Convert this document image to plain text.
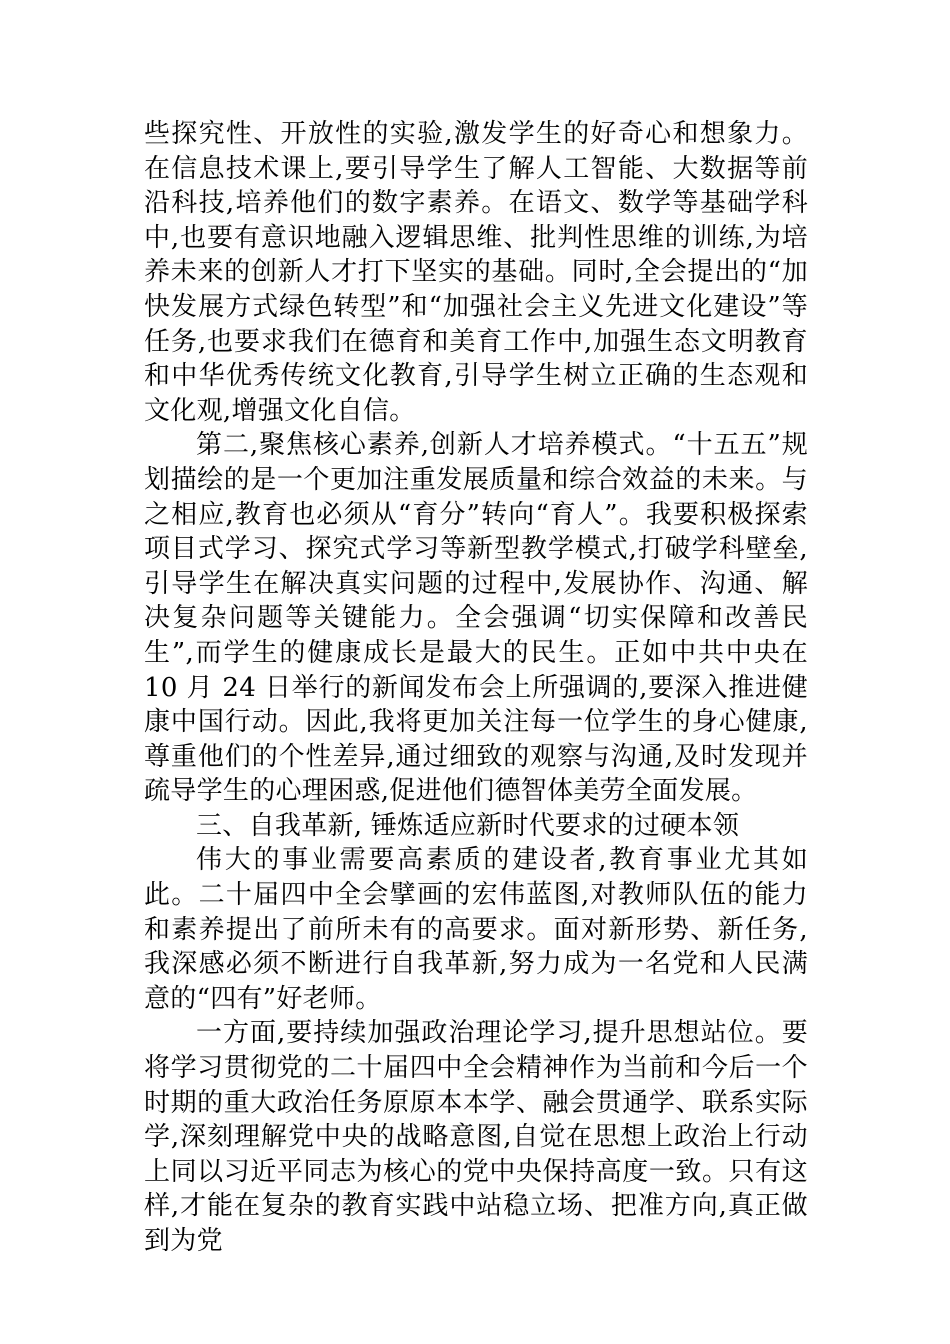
些探究性、开放性的实验,激发学生的好奇心和想象力。在信息技术课上,要引导学生了解人工智能、大数据等前沿科技,培养他们的数字素养。在语文、数学等基础学科中,也要有意识地融入逻辑思维、批判性思维的训练,为培养未来的创新人才打下坚实的基础。同时,全会提出的“加快发展方式绿色转型”和“加强社会主义先进文化建设”等任务,也要求我们在德育和美育工作中,加强生态文明教育和中华优秀传统文化教育,引导学生树立正确的生态观和文化观,增强文化自信。

第二,聚焦核心素养,创新人才培养模式。“十五五”规划描绘的是一个更加注重发展质量和综合效益的未来。与之相应,教育也必须从“育分”转向“育人”。我要积极探索项目式学习、探究式学习等新型教学模式,打破学科壁垒,引导学生在解决真实问题的过程中,发展协作、沟通、解决复杂问题等关键能力。全会强调“切实保障和改善民生”,而学生的健康成长是最大的民生。正如中共中央在 10 月 24 日举行的新闻发布会上所强调的,要深入推进健康中国行动。因此,我将更加关注每一位学生的身心健康,尊重他们的个性差异,通过细致的观察与沟通,及时发现并疏导学生的心理困惑,促进他们德智体美劳全面发展。

三、自我革新, 锤炼适应新时代要求的过硬本领

伟大的事业需要高素质的建设者,教育事业尤其如此。二十届四中全会擘画的宏伟蓝图,对教师队伍的能力和素养提出了前所未有的高要求。面对新形势、新任务,我深感必须不断进行自我革新,努力成为一名党和人民满意的“四有”好老师。

一方面,要持续加强政治理论学习,提升思想站位。要将学习贯彻党的二十届四中全会精神作为当前和今后一个时期的重大政治任务原原本本学、融会贯通学、联系实际学,深刻理解党中央的战略意图,自觉在思想上政治上行动上同以习近平同志为核心的党中央保持高度一致。只有这样,才能在复杂的教育实践中站稳立场、把准方向,真正做到为党
